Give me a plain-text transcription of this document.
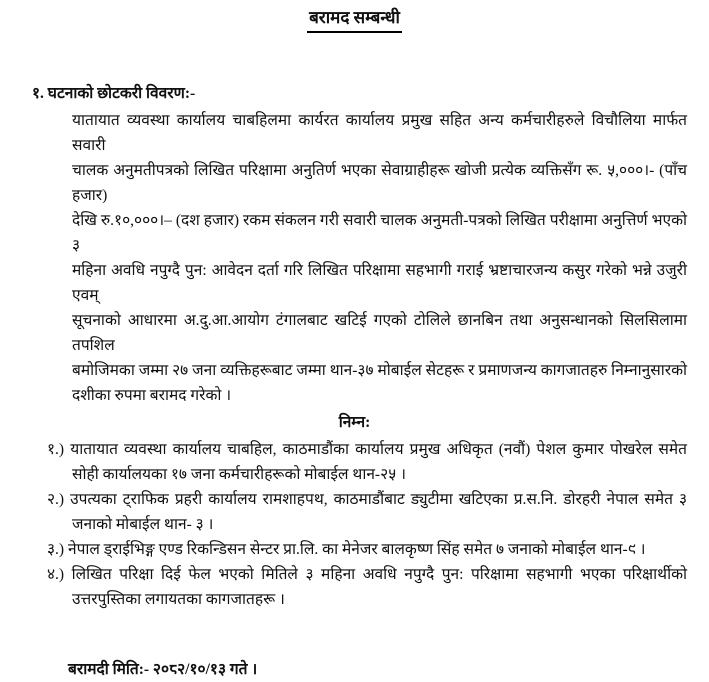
बरामद सम्बन्धी
१. घटनाको छोटकरी विवरण:-
यातायात व्यवस्था कार्यालय चाबहिलमा कार्यरत कार्यालय प्रमुख सहित अन्य कर्मचारीहरुले विचौलिया मार्फत सवारी
चालक अनुमतीपत्रको लिखित परिक्षामा अनुतिर्ण भएका सेवाग्राहीहरू खोजी प्रत्येक व्यक्तिसँग रू. ५,०००।- (पाँच हजार)
देखि रु.१०,०००।– (दश हजार) रकम संकलन गरी सवारी चालक अनुमती-पत्रको लिखित परीक्षामा अनुत्तिर्ण भएको ३
महिना अवधि नपुग्दै पुन: आवेदन दर्ता गरि लिखित परिक्षामा सहभागी गराई भ्रष्टाचारजन्य कसुर गरेको भन्ने उजुरी एवम्
सूचनाको आधारमा अ.दु.आ.आयोग टंगालबाट खटिई गएको टोलिले छानबिन तथा अनुसन्धानको सिलसिलामा तपशिल
बमोजिमका जम्मा २७ जना व्यक्तिहरूबाट जम्मा थान-३७ मोबाईल सेटहरू र प्रमाणजन्य कागजातहरु निम्नानुसारको
दशीका रुपमा बरामद गरेको ।
निम्न:
१.) यातायात व्यवस्था कार्यालय चाबहिल, काठमाडौंका कार्यालय प्रमुख अधिकृत (नवौं) पेशल कुमार पोखरेल समेत
सोही कार्यालयका १७ जना कर्मचारीहरूको मोबाईल थान-२५ ।
२.) उपत्यका ट्राफिक प्रहरी कार्यालय रामशाहपथ, काठमाडौंबाट ड्युटीमा खटिएका प्र.स.नि. डोरहरी नेपाल समेत ३
जनाको मोबाईल थान- ३ ।
३.) नेपाल ड्राईभिङ्ग एण्ड रिकन्डिसन सेन्टर प्रा.लि. का मेनेजर बालकृष्ण सिंह समेत ७ जनाको मोबाईल थान-९ ।
४.) लिखित परिक्षा दिई फेल भएको मितिले ३ महिना अवधि नपुग्दै पुन: परिक्षामा सहभागी भएका परिक्षार्थीको
उत्तरपुस्तिका लगायतका कागजातहरू ।
बरामदी मिति:- २०८२/१०/१३ गते ।
